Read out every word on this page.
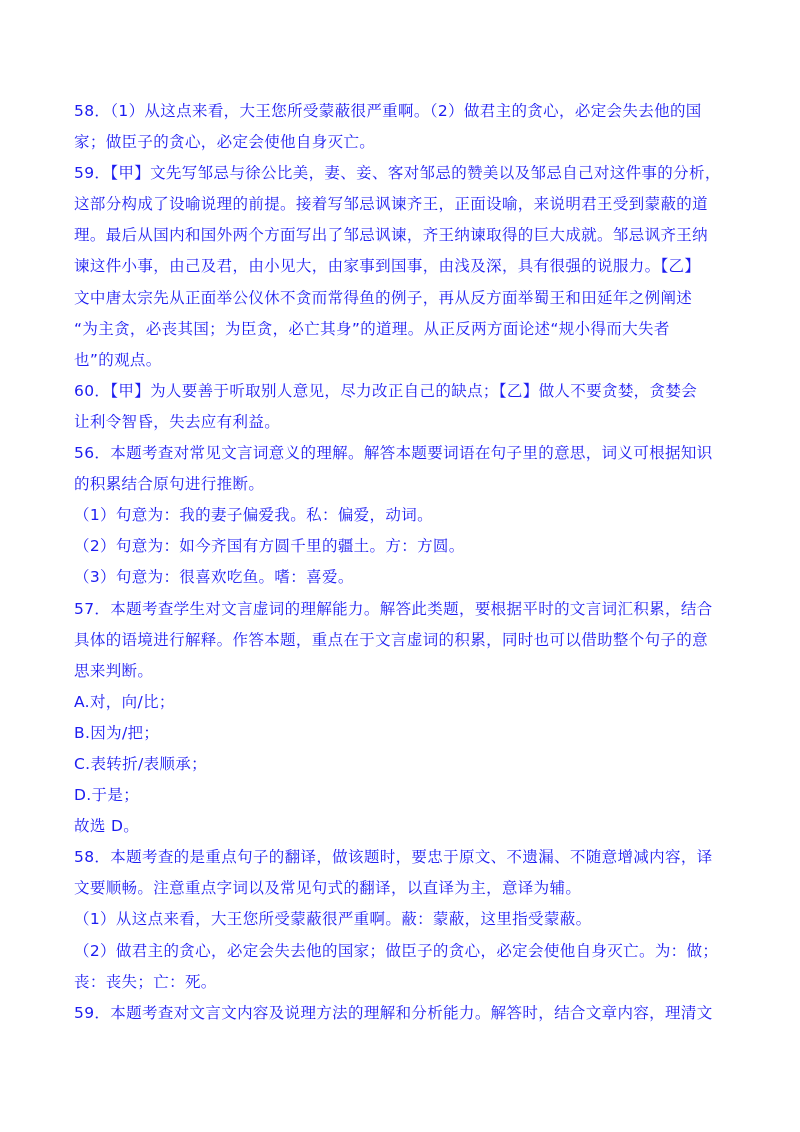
58．（1）从这点来看，大王您所受蒙蔽很严重啊。（2）做君主的贪心，必定会失去他的国
家；做臣子的贪心，必定会使他自身灭亡。
59．【甲】文先写邹忌与徐公比美，妻、妾、客对邹忌的赞美以及邹忌自己对这件事的分析，
这部分构成了设喻说理的前提。接着写邹忌讽谏齐王，正面设喻，来说明君王受到蒙蔽的道
理。最后从国内和国外两个方面写出了邹忌讽谏，齐王纳谏取得的巨大成就。邹忌讽齐王纳
谏这件小事，由己及君，由小见大，由家事到国事，由浅及深，具有很强的说服力。【乙】
文中唐太宗先从正面举公仪休不贪而常得鱼的例子，再从反方面举蜀王和田延年之例阐述
“为主贪，必丧其国；为臣贪，必亡其身”的道理。从正反两方面论述“规小得而大失者
也”的观点。
60．【甲】为人要善于听取别人意见，尽力改正自己的缺点；【乙】做人不要贪婪，贪婪会
让利令智昏，失去应有利益。
56．本题考查对常见文言词意义的理解。解答本题要词语在句子里的意思，词义可根据知识
的积累结合原句进行推断。
（1）句意为：我的妻子偏爱我。私：偏爱，动词。
（2）句意为：如今齐国有方圆千里的疆土。方：方圆。
（3）句意为：很喜欢吃鱼。嗜：喜爱。
57．本题考查学生对文言虚词的理解能力。解答此类题，要根据平时的文言词汇积累，结合
具体的语境进行解释。作答本题，重点在于文言虚词的积累，同时也可以借助整个句子的意
思来判断。
A.对，向/比；
B.因为/把；
C.表转折/表顺承；
D.于是；
故选 D。
58．本题考查的是重点句子的翻译，做该题时，要忠于原文、不遗漏、不随意增减内容，译
文要顺畅。注意重点字词以及常见句式的翻译，以直译为主，意译为辅。
（1）从这点来看，大王您所受蒙蔽很严重啊。蔽：蒙蔽，这里指受蒙蔽。
（2）做君主的贪心，必定会失去他的国家；做臣子的贪心，必定会使他自身灭亡。为：做；
丧：丧失；亡：死。
59．本题考查对文言文内容及说理方法的理解和分析能力。解答时，结合文章内容，理清文
